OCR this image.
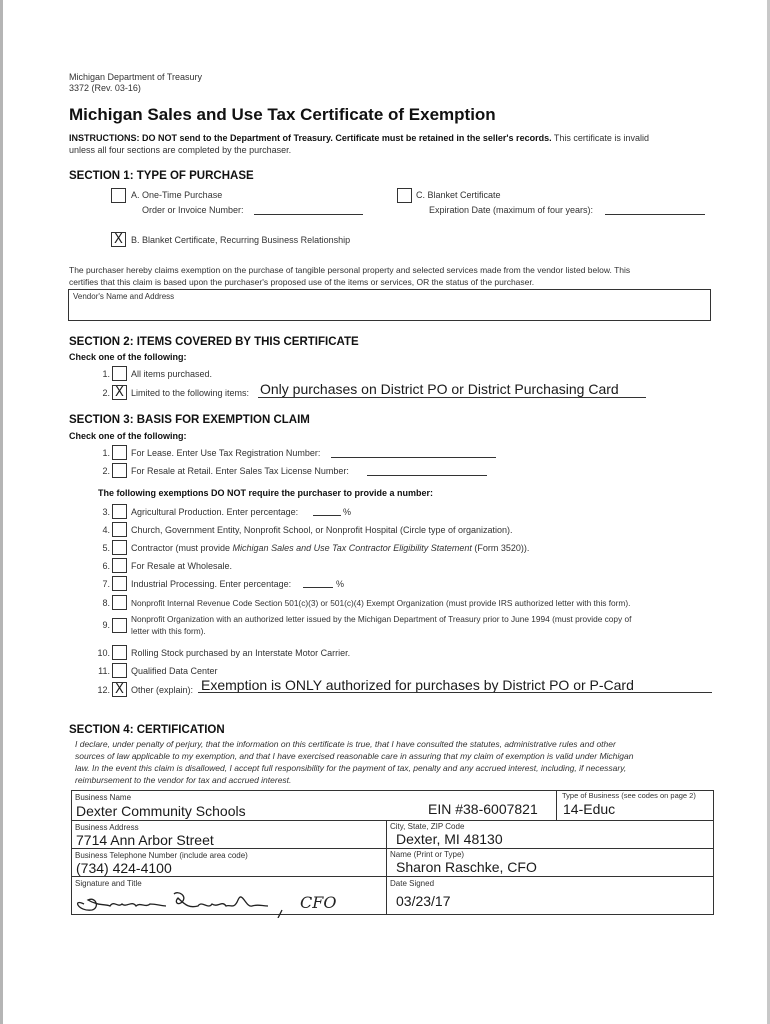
Michigan Department of Treasury
3372 (Rev. 03-16)
Michigan Sales and Use Tax Certificate of Exemption
INSTRUCTIONS: DO NOT send to the Department of Treasury. Certificate must be retained in the seller's records. This certificate is invalid
unless all four sections are completed by the purchaser.
SECTION 1: TYPE OF PURCHASE
A. One-Time Purchase
Order or Invoice Number:
C. Blanket Certificate
Expiration Date (maximum of four years):
X B. Blanket Certificate, Recurring Business Relationship
The purchaser hereby claims exemption on the purchase of tangible personal property and selected services made from the vendor listed below. This
certifies that this claim is based upon the purchaser's proposed use of the items or services, OR the status of the purchaser.
Vendor's Name and Address
SECTION 2: ITEMS COVERED BY THIS CERTIFICATE
Check one of the following:
1. All items purchased.
2. X Limited to the following items: Only purchases on District PO or District Purchasing Card
SECTION 3: BASIS FOR EXEMPTION CLAIM
Check one of the following:
1. For Lease. Enter Use Tax Registration Number:
2. For Resale at Retail. Enter Sales Tax License Number:
The following exemptions DO NOT require the purchaser to provide a number:
3. Agricultural Production. Enter percentage:	%
4. Church, Government Entity, Nonprofit School, or Nonprofit Hospital (Circle type of organization).
5. Contractor (must provide Michigan Sales and Use Tax Contractor Eligibility Statement (Form 3520)).
6. For Resale at Wholesale.
7. Industrial Processing. Enter percentage:	%
8.	Nonprofit Internal Revenue Code Section 501(c)(3) or 501(c)(4) Exempt Organization (must provide IRS authorized letter with this form).
9.
Nonprofit Organization with an authorized letter issued by the Michigan Department of Treasury prior to June 1994 (must provide copy of
letter with this form).
10. Rolling Stock purchased by an Interstate Motor Carrier.
11. Qualified Data Center
12. X Other (explain): Exemption is ONLY authorized for purchases by District PO or P-Card
SECTION 4: CERTIFICATION
I declare, under penalty of perjury, that the information on this certificate is true, that I have consulted the statutes, administrative rules and other
sources of law applicable to my exemption, and that I have exercised reasonable care in assuring that my claim of exemption is valid under Michigan
law. In the event this claim is disallowed, I accept full responsibility for the payment of tax, penalty and any accrued interest, including, if necessary,
reimbursement to the vendor for tax and accrued interest.
Business Name
Dexter Community Schools	EIN #38-6007821
Type of Business (see codes on page 2)
14-Educ
Business Address
7714 Ann Arbor Street
City, State, ZIP Code
Dexter, MI 48130
Business Telephone Number (include area code)
(734) 424-4100
Name (Print or Type)
Sharon Raschke, CFO
Signature and Title
CFO
Date Signed
03/23/17
